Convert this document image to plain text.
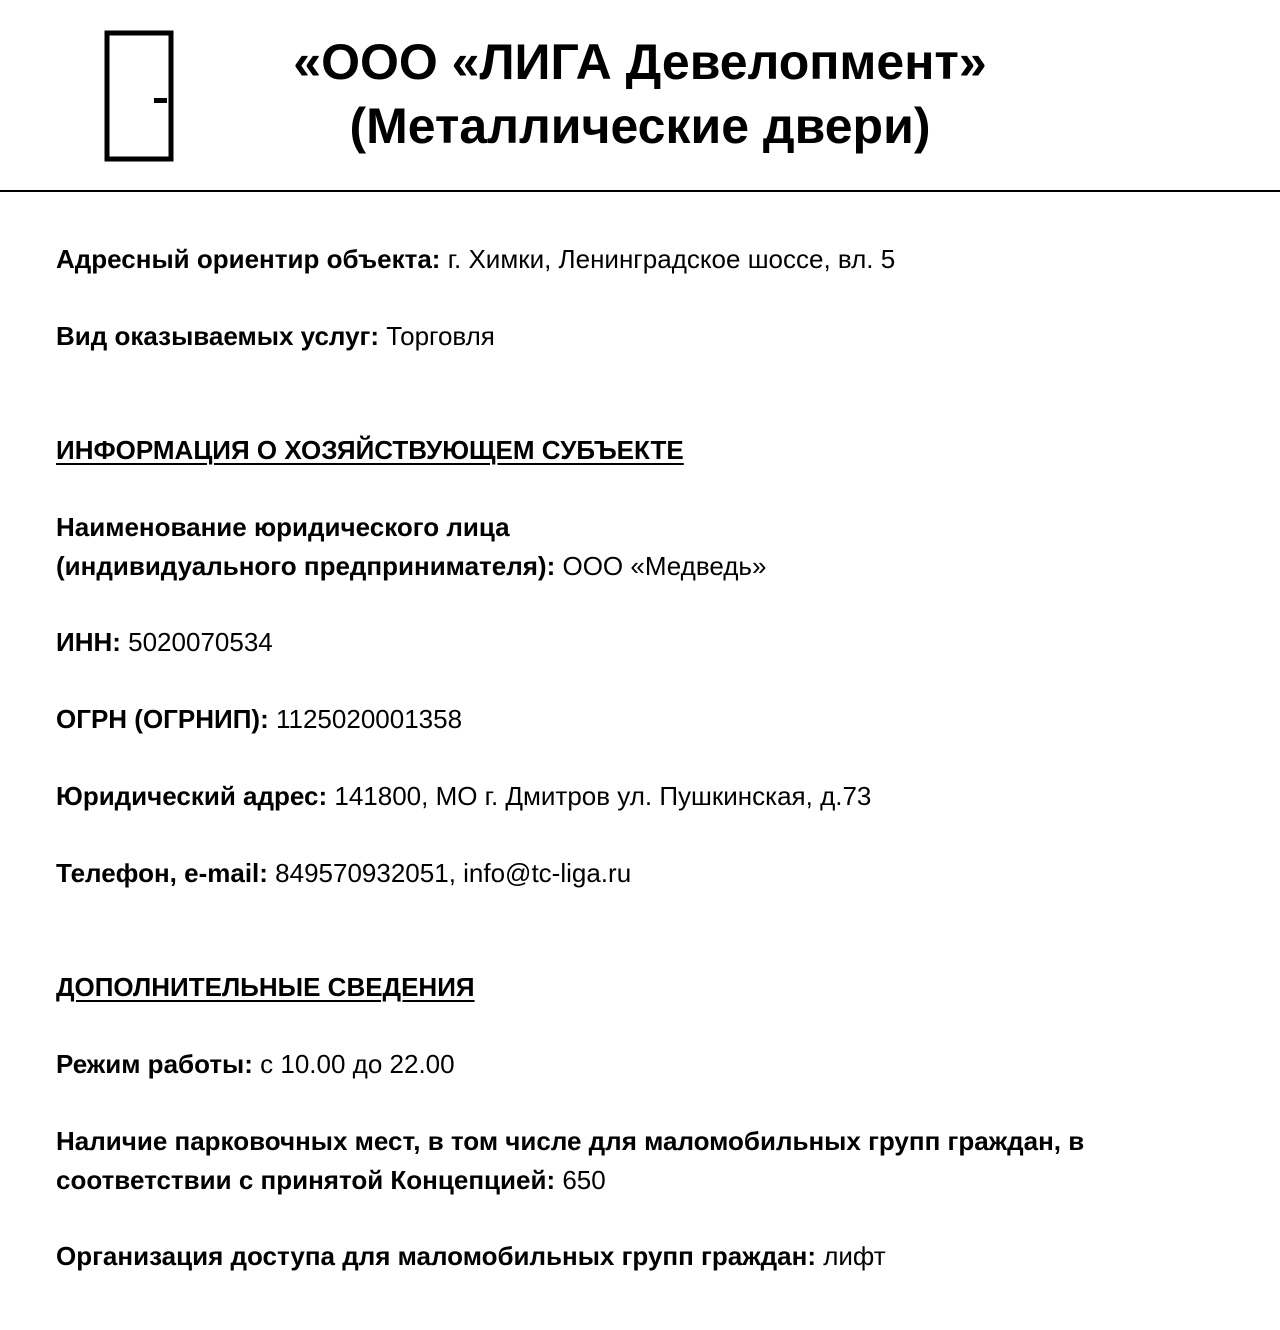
«ООО «ЛИГА Девелопмент»
(Металлические двери)
Адресный ориентир объекта: г. Химки, Ленинградское шоссе, вл. 5
Вид оказываемых услуг: Торговля
ИНФОРМАЦИЯ О ХОЗЯЙСТВУЮЩЕМ СУБЪЕКТЕ
Наименование юридического лица
(индивидуального предпринимателя): ООО «Медведь»
ИНН: 5020070534
ОГРН (ОГРНИП): 1125020001358
Юридический адрес: 141800, МО г. Дмитров ул. Пушкинская, д.73
Телефон, e-mail: 849570932051, info@tc-liga.ru
ДОПОЛНИТЕЛЬНЫЕ СВЕДЕНИЯ
Режим работы: с 10.00 до 22.00
Наличие парковочных мест, в том числе для маломобильных групп граждан, в соответствии с принятой Концепцией: 650
Организация доступа для маломобильных групп граждан: лифт
